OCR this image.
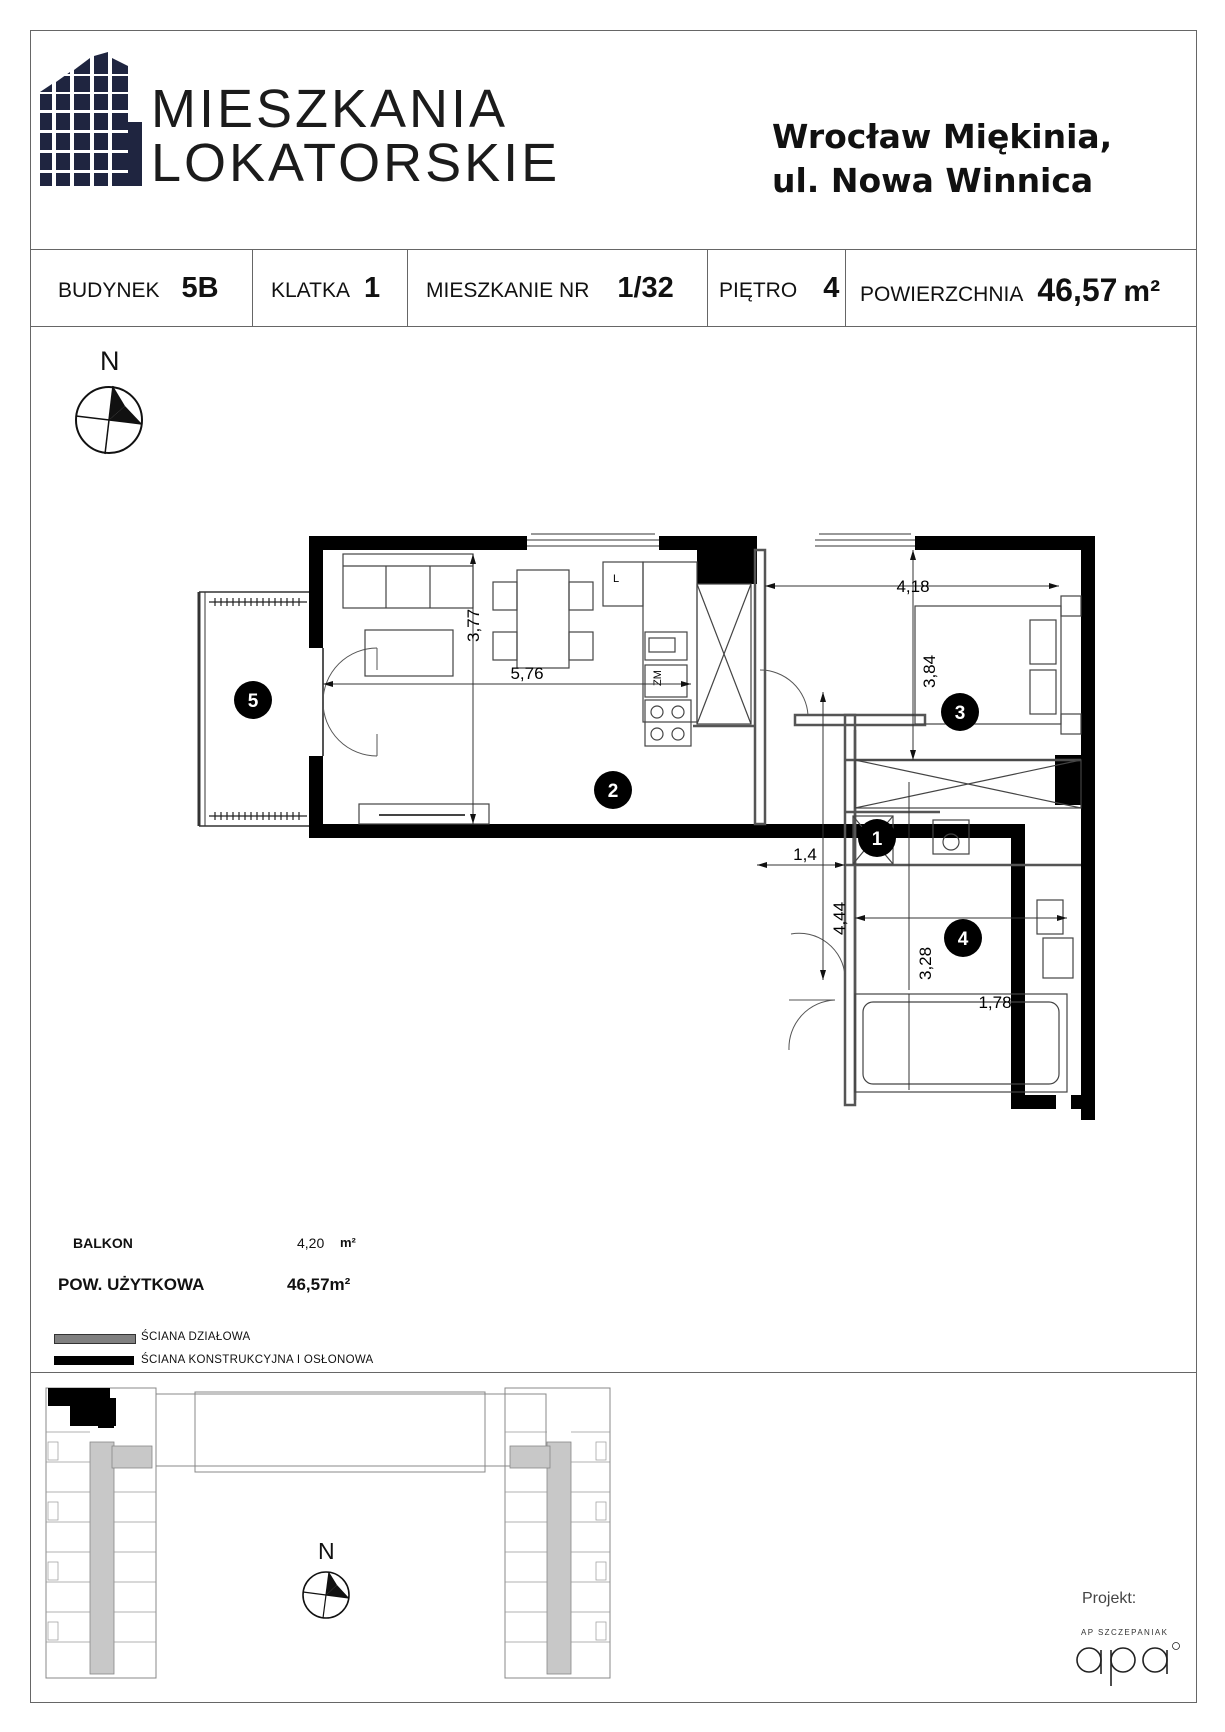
MIESZKANIA
LOKATORSKIE	Wrocław Miękinia,
ul. Nowa Winnica
BUDYNEK 5B KLATKA 1 MIESZKANIE NR 1/32 PIĘTRO 4 POWIERZCHNIA 46,57 m²
N
L
ZM
3,77
5,76
4,18
3,84
4,44
1,4
3,28
1,78
5
2
3
1
4
BALKON	4,20 m²
POW. UŻYTKOWA	46,57m²
ŚCIANA DZIAŁOWA
ŚCIANA KONSTRUKCYJNA I OSŁONOWA
N
Projekt:
AP SZCZEPANIAK
